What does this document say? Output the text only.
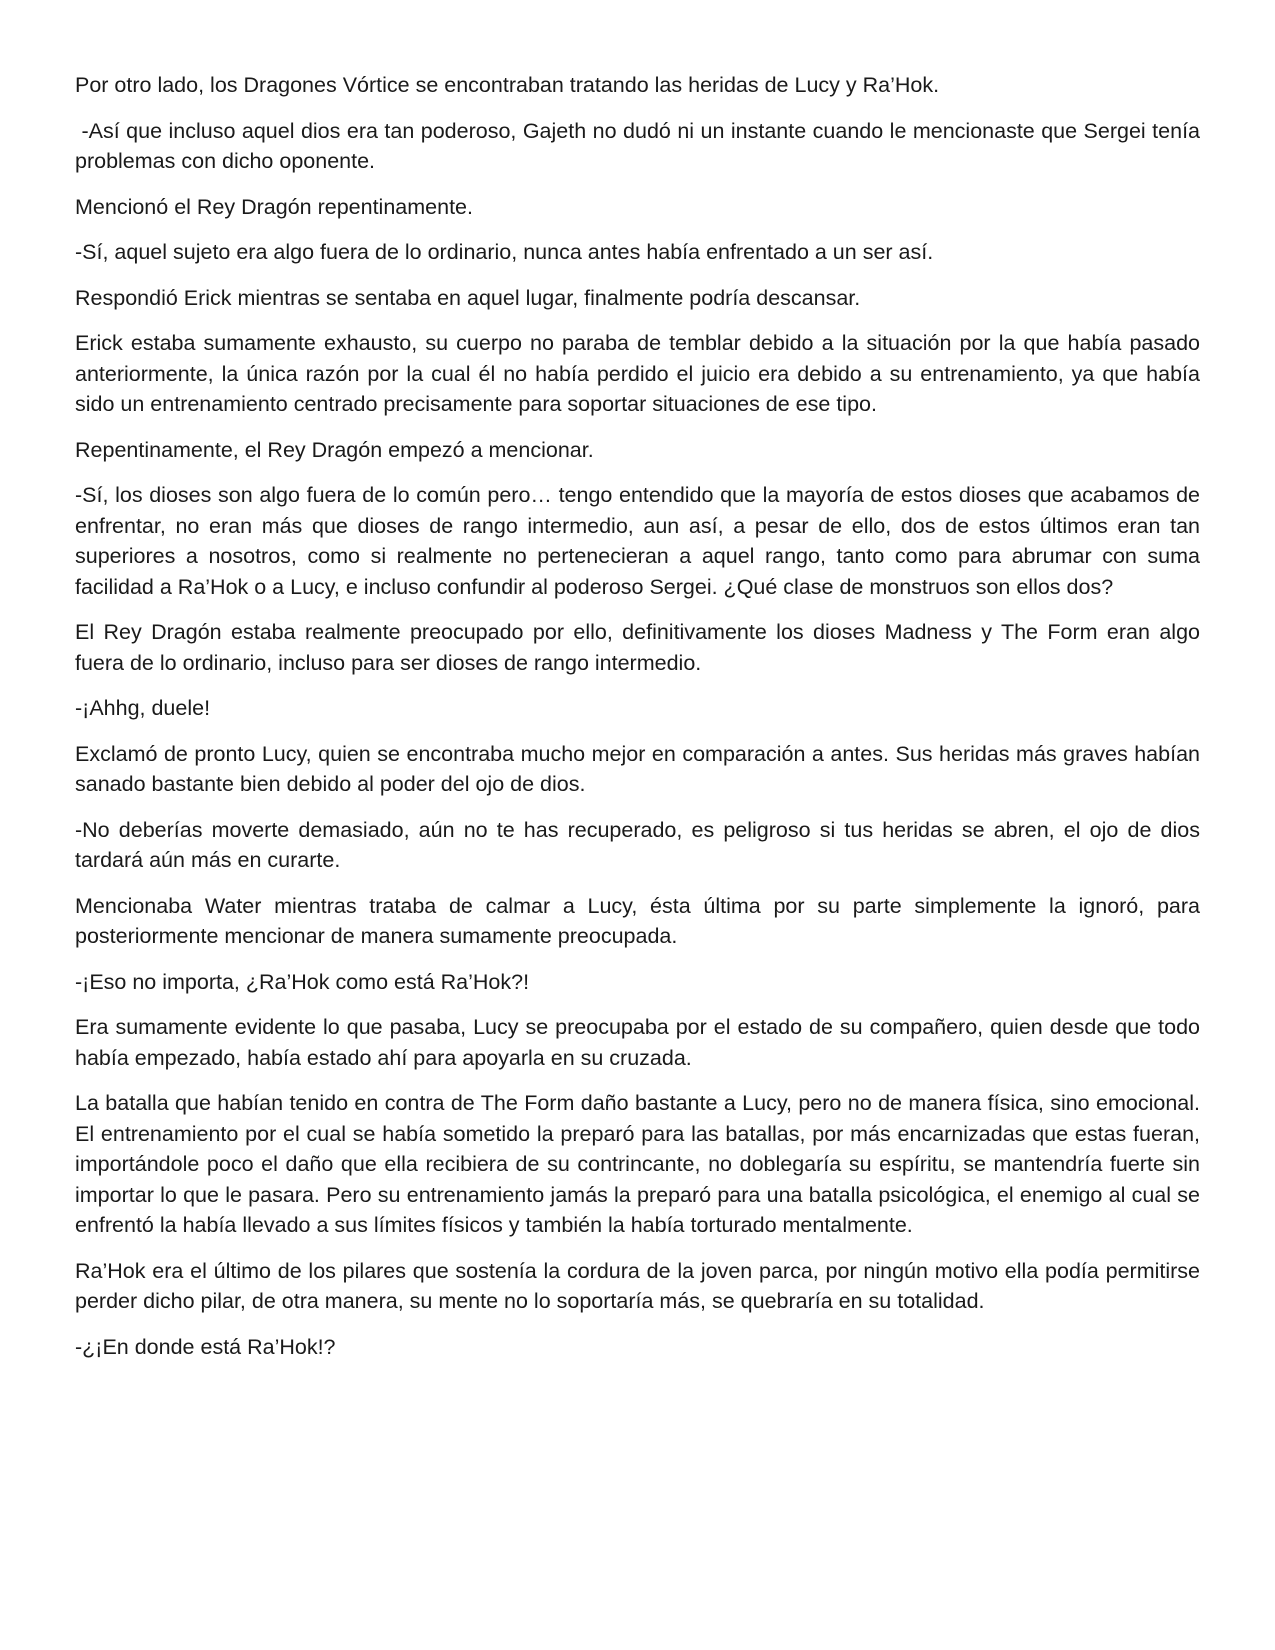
Por otro lado, los Dragones Vórtice se encontraban tratando las heridas de Lucy y Ra’Hok.

-Así que incluso aquel dios era tan poderoso, Gajeth no dudó ni un instante cuando le mencionaste que Sergei tenía problemas con dicho oponente.

Mencionó el Rey Dragón repentinamente.

-Sí, aquel sujeto era algo fuera de lo ordinario, nunca antes había enfrentado a un ser así.

Respondió Erick mientras se sentaba en aquel lugar, finalmente podría descansar.

Erick estaba sumamente exhausto, su cuerpo no paraba de temblar debido a la situación por la que había pasado anteriormente, la única razón por la cual él no había perdido el juicio era debido a su entrenamiento, ya que había sido un entrenamiento centrado precisamente para soportar situaciones de ese tipo.

Repentinamente, el Rey Dragón empezó a mencionar.

-Sí, los dioses son algo fuera de lo común pero… tengo entendido que la mayoría de estos dioses que acabamos de enfrentar, no eran más que dioses de rango intermedio, aun así, a pesar de ello, dos de estos últimos eran tan superiores a nosotros, como si realmente no pertenecieran a aquel rango, tanto como para abrumar con suma facilidad a Ra’Hok o a Lucy, e incluso confundir al poderoso Sergei. ¿Qué clase de monstruos son ellos dos?

El Rey Dragón estaba realmente preocupado por ello, definitivamente los dioses Madness y The Form eran algo fuera de lo ordinario, incluso para ser dioses de rango intermedio.

-¡Ahhg, duele!

Exclamó de pronto Lucy, quien se encontraba mucho mejor en comparación a antes. Sus heridas más graves habían sanado bastante bien debido al poder del ojo de dios.

-No deberías moverte demasiado, aún no te has recuperado, es peligroso si tus heridas se abren, el ojo de dios tardará aún más en curarte.

Mencionaba Water mientras trataba de calmar a Lucy, ésta última por su parte simplemente la ignoró, para posteriormente mencionar de manera sumamente preocupada.

-¡Eso no importa, ¿Ra’Hok como está Ra’Hok?!

Era sumamente evidente lo que pasaba, Lucy se preocupaba por el estado de su compañero, quien desde que todo había empezado, había estado ahí para apoyarla en su cruzada.

La batalla que habían tenido en contra de The Form daño bastante a Lucy, pero no de manera física, sino emocional. El entrenamiento por el cual se había sometido la preparó para las batallas, por más encarnizadas que estas fueran, importándole poco el daño que ella recibiera de su contrincante, no doblegaría su espíritu, se mantendría fuerte sin importar lo que le pasara. Pero su entrenamiento jamás la preparó para una batalla psicológica, el enemigo al cual se enfrentó la había llevado a sus límites físicos y también la había torturado mentalmente.

Ra’Hok era el último de los pilares que sostenía la cordura de la joven parca, por ningún motivo ella podía permitirse perder dicho pilar, de otra manera, su mente no lo soportaría más, se quebraría en su totalidad.

-¿¡En donde está Ra’Hok!?
